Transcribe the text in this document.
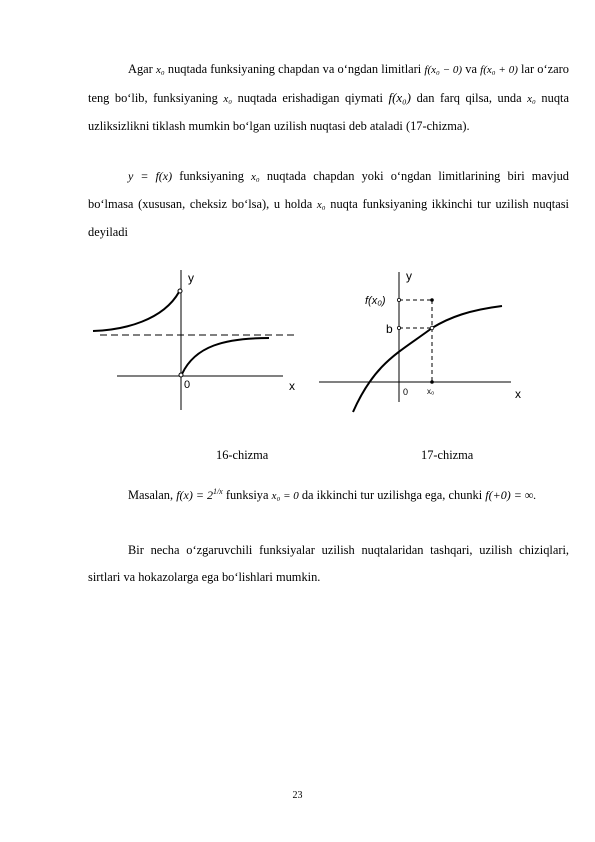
Agar x₀ nuqtada funksiyaning chapdan va o‘ngdan limitlari f(x₀ − 0) va f(x₀ + 0) lar o‘zaro teng bo‘lib, funksiyaning x₀ nuqtada erishadigan qiymati f(x₀) dan farq qilsa, unda x₀ nuqta uzliksizlikni tiklash mumkin bo‘lgan uzilish nuqtasi deb ataladi (17-chizma).
y = f(x) funksiyaning x₀ nuqtada chapdan yoki o‘ngdan limitlarining biri mavjud bo‘lmasa (xususan, cheksiz bo‘lsa), u holda x₀ nuqta funksiyaning ikkinchi tur uzilish nuqtasi deyiladi
y
x
0
y
x
0
f(x₀)
b
x₀
16-chizma	17-chizma
Masalan, $f(x) = 2^{1/x}$ funksiya x₀ = 0 da ikkinchi tur uzilishga ega, chunki f(+0) = ∞.
Bir necha o‘zgaruvchili funksiyalar uzilish nuqtalaridan tashqari, uzilish chiziqlari, sirtlari va hokazolarga ega bo‘lishlari mumkin.
23
